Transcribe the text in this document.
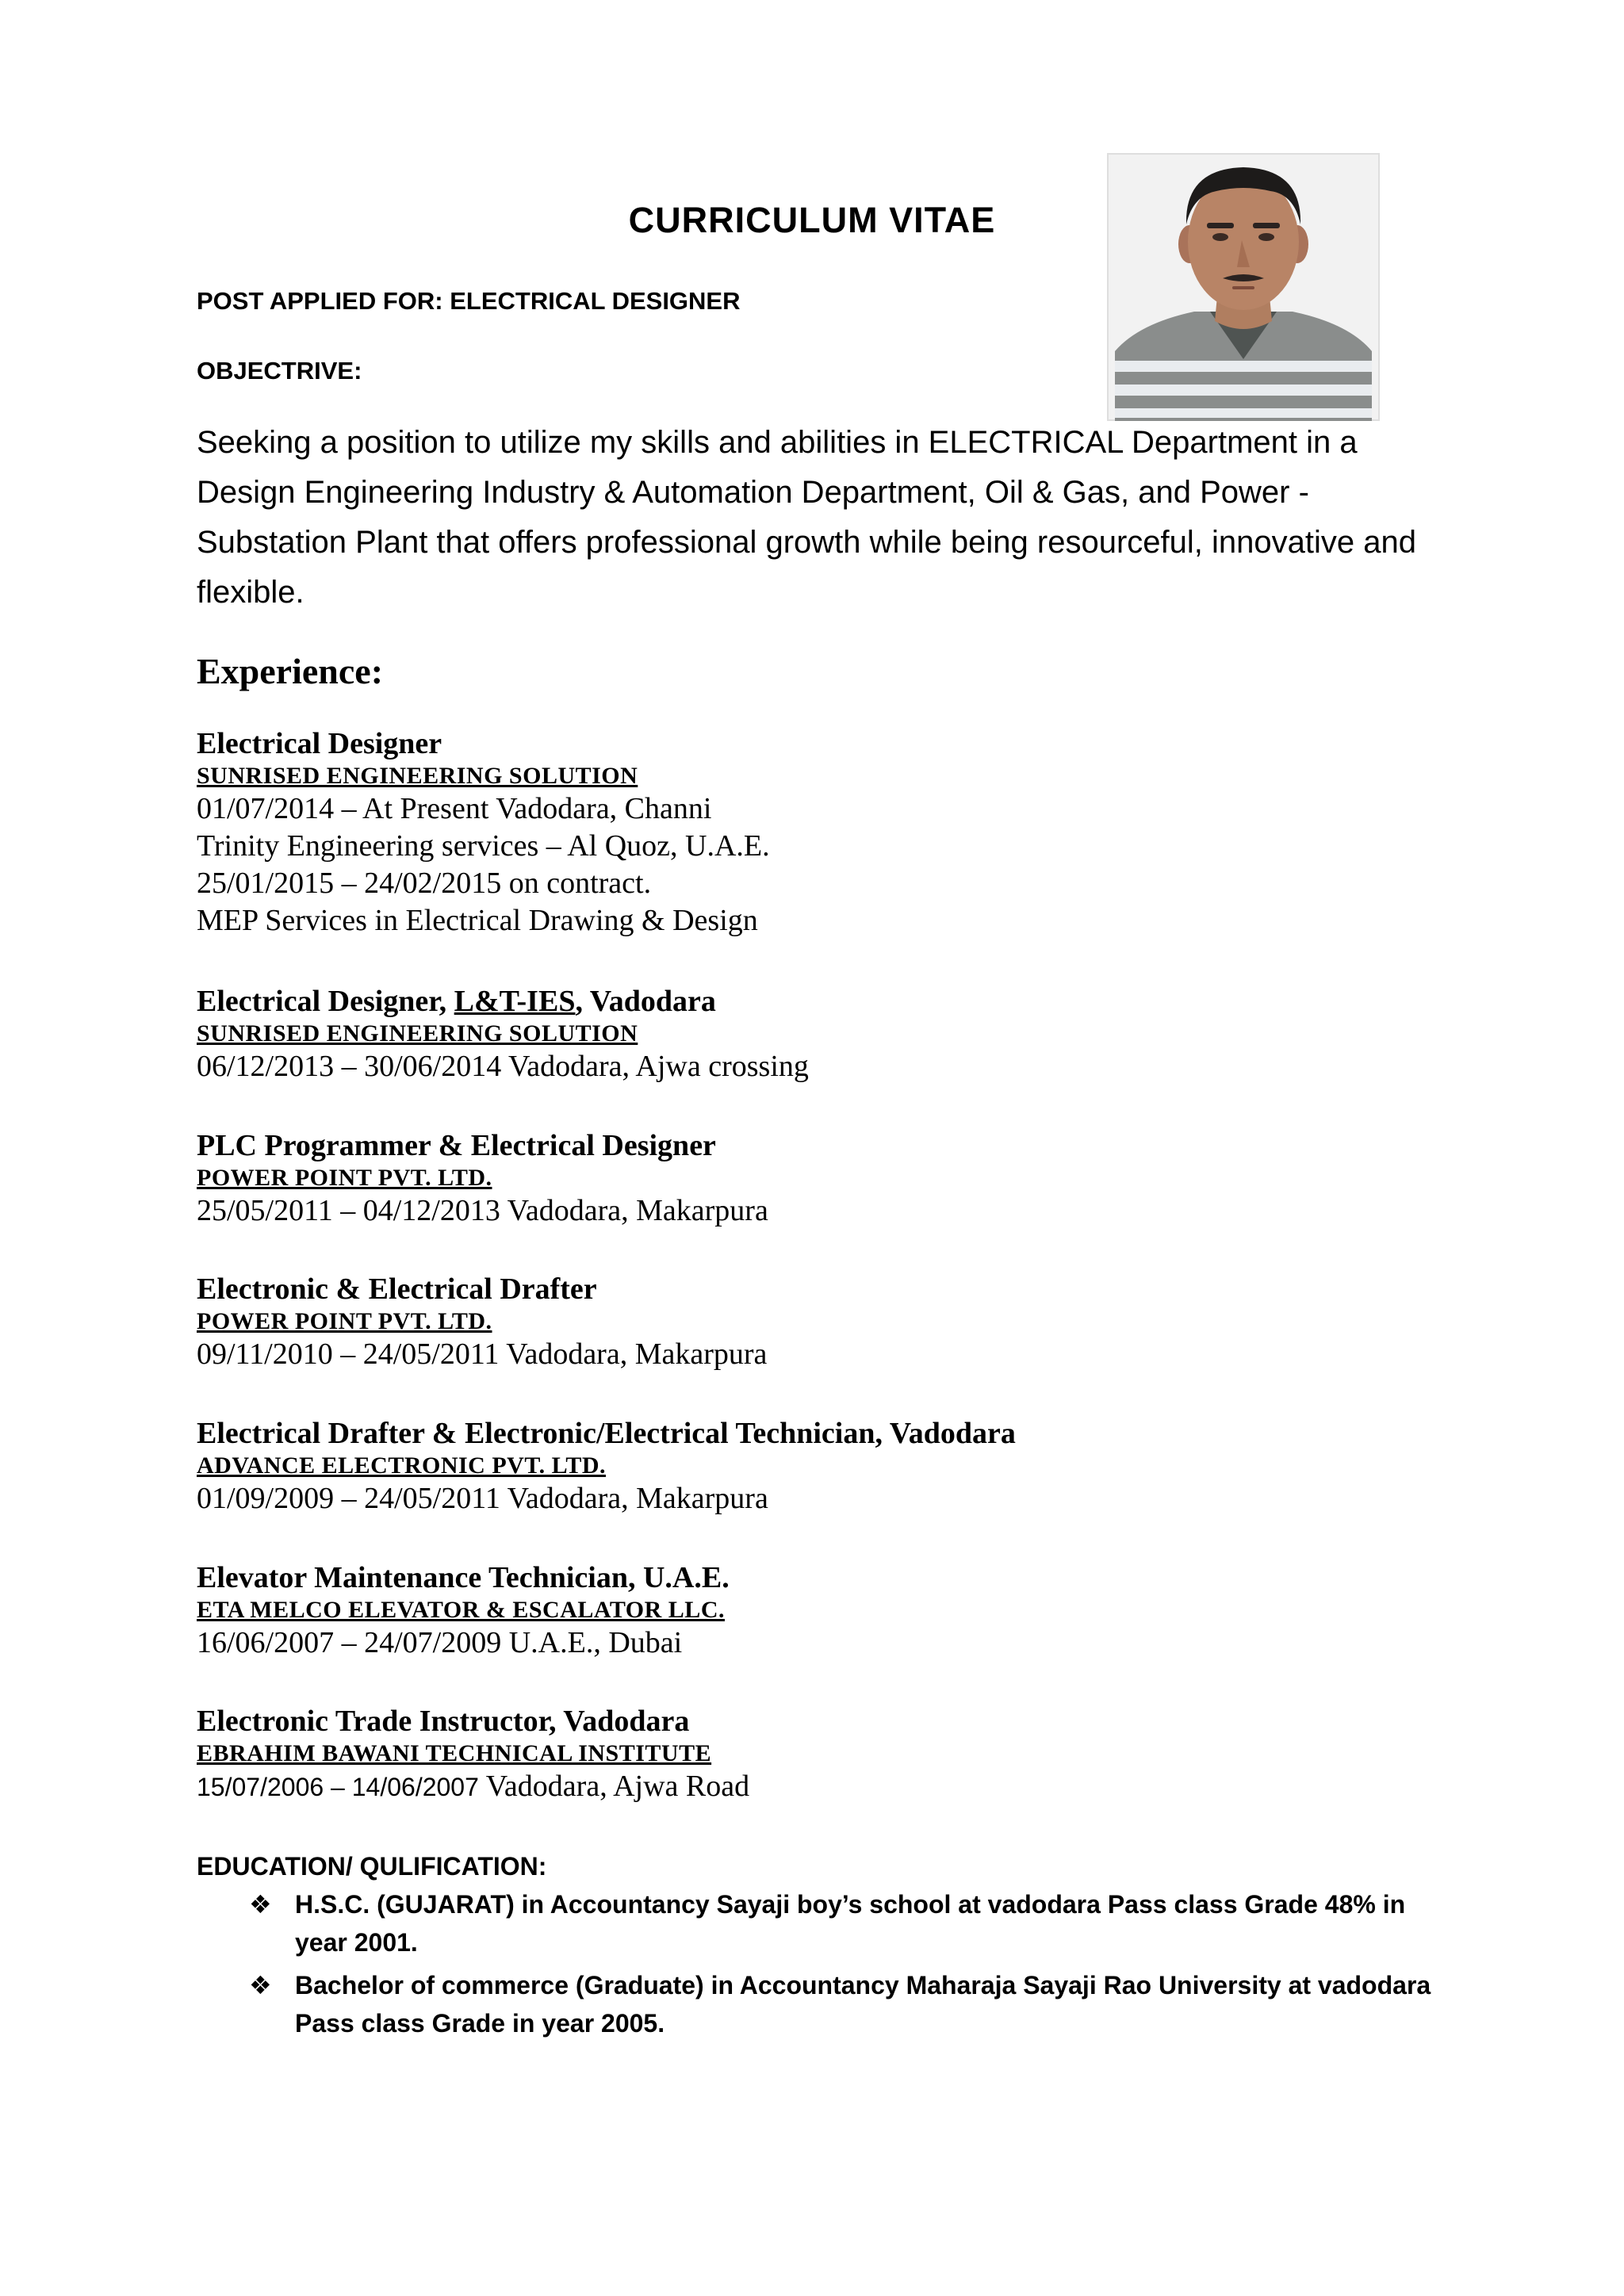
CURRICULUM VITAE
POST APPLIED FOR: ELECTRICAL DESIGNER
OBJECTRIVE:
Seeking a position to utilize my skills and abilities in ELECTRICAL Department in a Design Engineering Industry & Automation Department, Oil & Gas, and Power - Substation Plant that offers professional growth while being resourceful, innovative and flexible.
Experience:
Electrical Designer
SUNRISED ENGINEERING SOLUTION
01/07/2014 – At Present Vadodara, Channi
Trinity Engineering services – Al Quoz, U.A.E.
25/01/2015 – 24/02/2015 on contract.
MEP Services in Electrical Drawing & Design
Electrical Designer, L&T-IES, Vadodara
SUNRISED ENGINEERING SOLUTION
06/12/2013 – 30/06/2014 Vadodara, Ajwa crossing
PLC Programmer & Electrical Designer
POWER POINT PVT. LTD.
25/05/2011 – 04/12/2013 Vadodara, Makarpura
Electronic & Electrical Drafter
POWER POINT PVT. LTD.
09/11/2010 – 24/05/2011 Vadodara, Makarpura
Electrical Drafter & Electronic/Electrical Technician, Vadodara
ADVANCE ELECTRONIC PVT. LTD.
01/09/2009 – 24/05/2011 Vadodara, Makarpura
Elevator Maintenance Technician, U.A.E.
ETA MELCO ELEVATOR & ESCALATOR LLC.
16/06/2007 – 24/07/2009 U.A.E., Dubai
Electronic Trade Instructor, Vadodara
EBRAHIM BAWANI TECHNICAL INSTITUTE
15/07/2006 – 14/06/2007 Vadodara, Ajwa Road
EDUCATION/ QULIFICATION:
❖ H.S.C. (GUJARAT) in Accountancy Sayaji boy’s school at vadodara Pass class Grade 48% in year 2001.
❖ Bachelor of commerce (Graduate) in Accountancy Maharaja Sayaji Rao University at vadodara Pass class Grade in year 2005.
